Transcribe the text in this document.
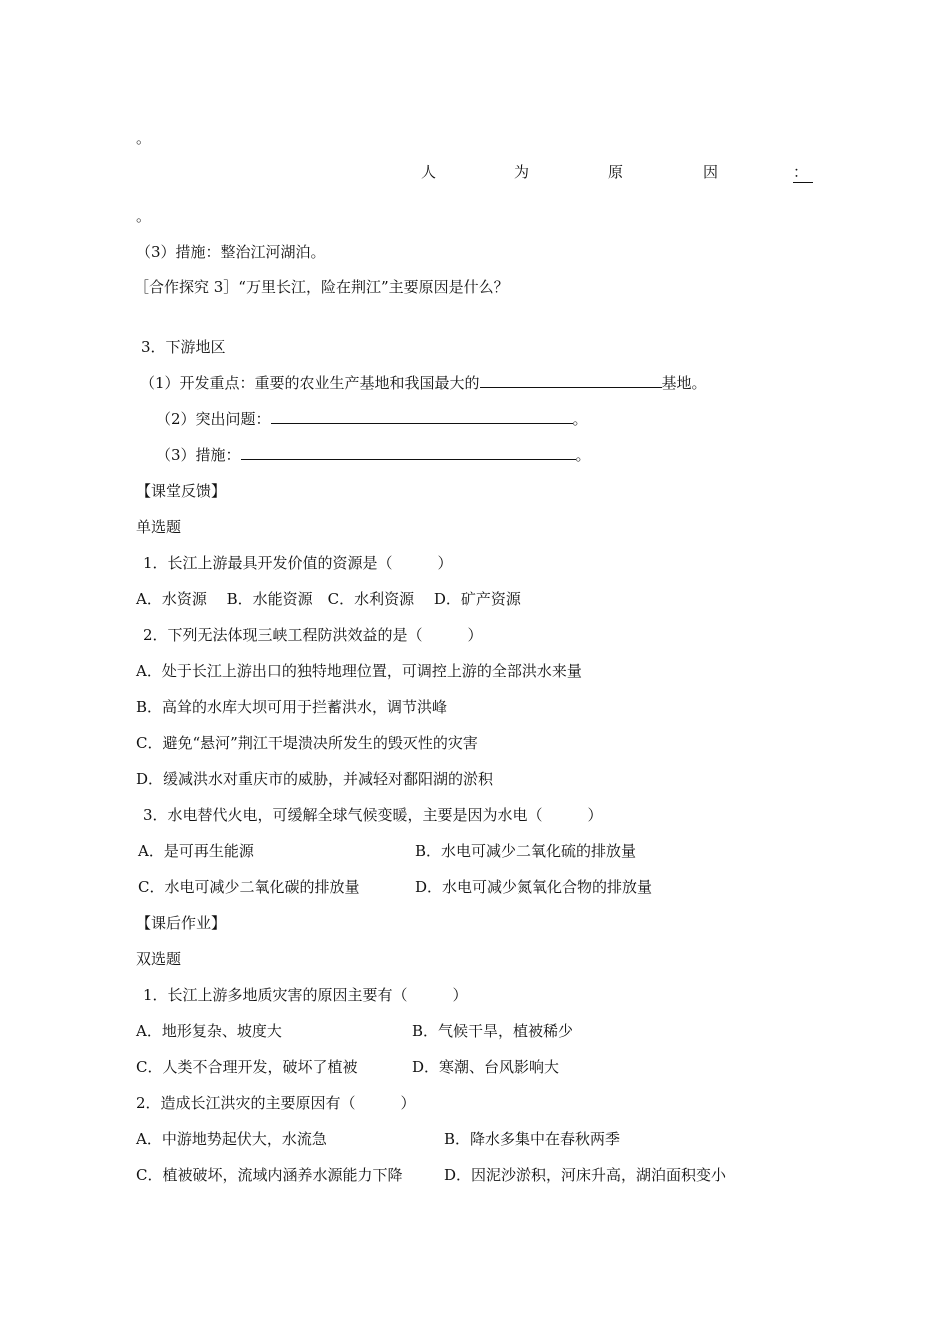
。
人	为	原	因	：
。
（3）措施：整治江河湖泊。
［合作探究 3］“万里长江，险在荆江”主要原因是什么？
3．下游地区
（1）开发重点：重要的农业生产基地和我国最大的	基地。
（2）突出问题：	。
（3）措施：	。
【课堂反馈】
单选题
1．长江上游最具开发价值的资源是（　　　）
A．水资源　 B．水能资源　C．水利资源　 D．矿产资源
2．下列无法体现三峡工程防洪效益的是（　　　）
A．处于长江上游出口的独特地理位置，可调控上游的全部洪水来量
B．高耸的水库大坝可用于拦蓄洪水，调节洪峰
C．避免“悬河”荆江干堤溃决所发生的毁灭性的灾害
D．缓减洪水对重庆市的威胁，并减轻对鄱阳湖的淤积
3．水电替代火电，可缓解全球气候变暖，主要是因为水电（　　　）
A．是可再生能源	B．水电可减少二氧化硫的排放量
C．水电可减少二氧化碳的排放量	D．水电可减少氮氧化合物的排放量
【课后作业】
双选题
1．长江上游多地质灾害的原因主要有（　　　）
A．地形复杂、坡度大	B．气候干旱，植被稀少
C．人类不合理开发，破坏了植被	D．寒潮、台风影响大
2．造成长江洪灾的主要原因有（　　　）
A．中游地势起伏大，水流急	B．降水多集中在春秋两季
C．植被破坏，流域内涵养水源能力下降	D．因泥沙淤积，河床升高，湖泊面积变小
